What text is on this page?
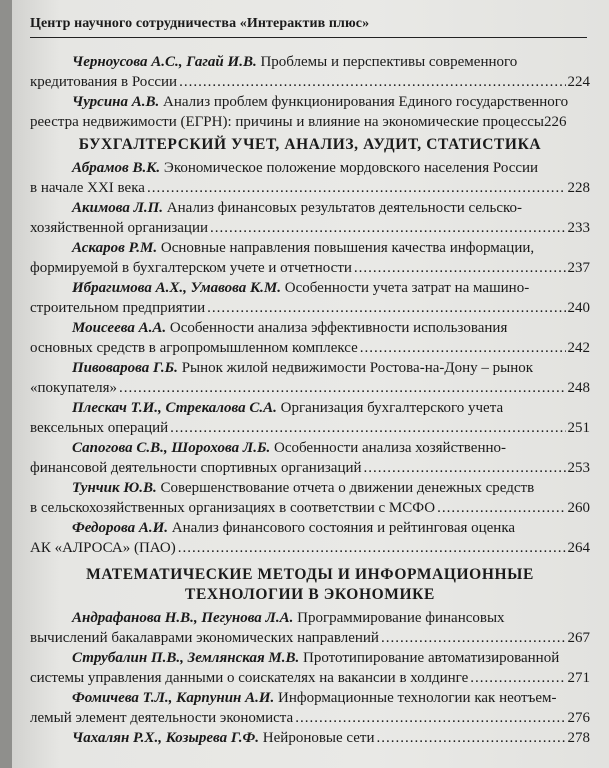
Центр научного сотрудничества «Интерактив плюс»
Черноусова А.С., Гагай И.В. Проблемы и перспективы современного
кредитования в России .....	224
Чурсина А.В. Анализ проблем функционирования Единого государственного
реестра недвижимости (ЕГРН): причины и влияние на экономические процессы 226
БУХГАЛТЕРСКИЙ УЧЕТ, АНАЛИЗ, АУДИТ, СТАТИСТИКА
Абрамов В.К. Экономическое положение мордовского населения России
в начале XXI века .....	228
Акимова Л.П. Анализ финансовых результатов деятельности сельско-
хозяйственной организации .....	233
Аскаров Р.М. Основные направления повышения качества информации,
формируемой в бухгалтерском учете и отчетности .....	237
Ибрагимова А.Х., Умавова К.М. Особенности учета затрат на машино-
строительном предприятии .....	240
Моисеева А.А. Особенности анализа эффективности использования
основных средств в агропромышленном комплексе .....	242
Пивоварова Г.Б. Рынок жилой недвижимости Ростова-на-Дону – рынок
«покупателя» .....	248
Плескач Т.И., Стрекалова С.А. Организация бухгалтерского учета
вексельных операций .....	251
Сапогова С.В., Шорохова Л.Б. Особенности анализа хозяйственно-
финансовой деятельности спортивных организаций .....	253
Тунчик Ю.В. Совершенствование отчета о движении денежных средств
в сельскохозяйственных организациях в соответствии с МСФО .....	260
Федорова А.И. Анализ финансового состояния и рейтинговая оценка
АК «АЛРОСА» (ПАО) .....	264
МАТЕМАТИЧЕСКИЕ МЕТОДЫ И ИНФОРМАЦИОННЫЕ
ТЕХНОЛОГИИ В ЭКОНОМИКЕ
Андрафанова Н.В., Пегунова Л.А. Программирование финансовых
вычислений бакалаврами экономических направлений .....	267
Струбалин П.В., Землянская М.В. Прототипирование автоматизированной
системы управления данными о соискателях на вакансии в холдинге .....	271
Фомичева Т.Л., Карпунин А.И. Информационные технологии как неотъем-
лемый элемент деятельности экономиста .....	276
Чахалян Р.Х., Козырева Г.Ф. Нейроновые сети .....	278
